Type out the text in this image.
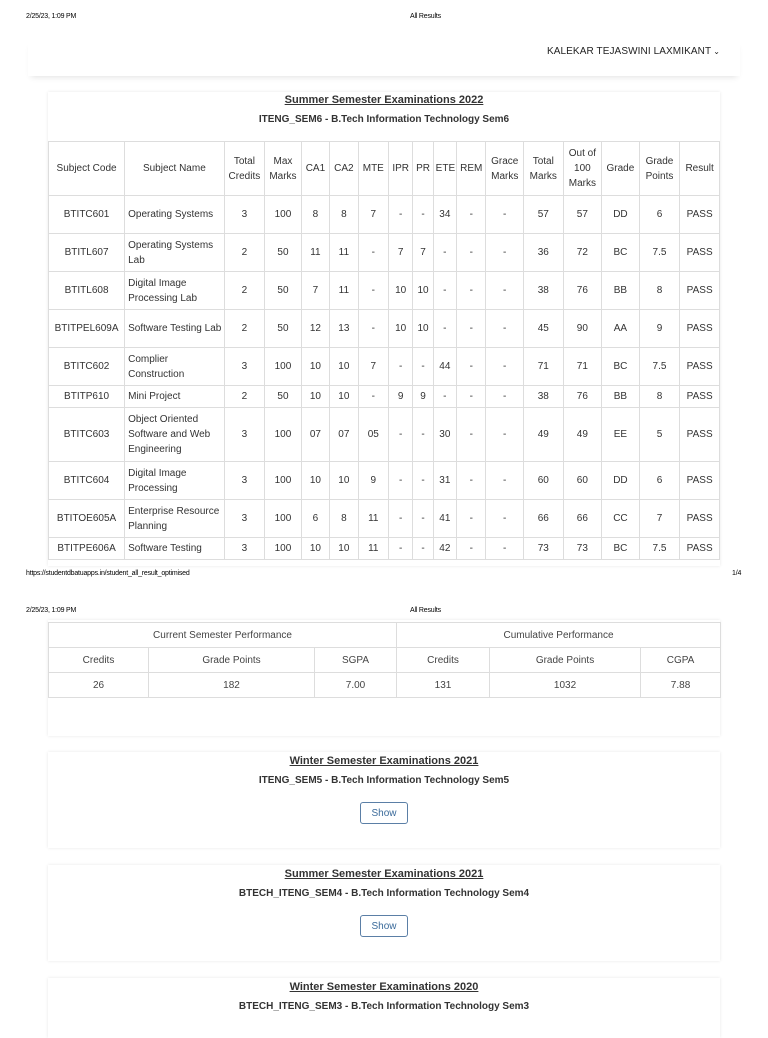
2/25/23, 1:09 PM	All Results
KALEKAR TEJASWINI LAXMIKANT ⌄
Summer Semester Examinations 2022
ITENG_SEM6 - B.Tech Information Technology Sem6
Subject Code	Subject Name	Total Credits	Max Marks	CA1	CA2	MTE	IPR	PR	ETE	REM	Grace Marks	Total Marks	Out of 100 Marks	Grade	Grade Points	Result
BTITC601	Operating Systems	3	100	8	8	7	-	-	34	-	-	57	57	DD	6	PASS
BTITL607	Operating Systems Lab	2	50	11	11	-	7	7	-	-	-	36	72	BC	7.5	PASS
BTITL608	Digital Image Processing Lab	2	50	7	11	-	10	10	-	-	-	38	76	BB	8	PASS
BTITPEL609A	Software Testing Lab	2	50	12	13	-	10	10	-	-	-	45	90	AA	9	PASS
BTITC602	Complier Construction	3	100	10	10	7	-	-	44	-	-	71	71	BC	7.5	PASS
BTITP610	Mini Project	2	50	10	10	-	9	9	-	-	-	38	76	BB	8	PASS
BTITC603	Object Oriented Software and Web Engineering	3	100	07	07	05	-	-	30	-	-	49	49	EE	5	PASS
BTITC604	Digital Image Processing	3	100	10	10	9	-	-	31	-	-	60	60	DD	6	PASS
BTITOE605A	Enterprise Resource Planning	3	100	6	8	11	-	-	41	-	-	66	66	CC	7	PASS
BTITPE606A	Software Testing	3	100	10	10	11	-	-	42	-	-	73	73	BC	7.5	PASS
https://studentdbatuapps.in/student_all_result_optimised	1/4
2/25/23, 1:09 PM	All Results
Current Semester Performance			Cumulative Performance		
Credits	Grade Points	SGPA	Credits	Grade Points	CGPA
26	182	7.00	131	1032	7.88
Winter Semester Examinations 2021
ITENG_SEM5 - B.Tech Information Technology Sem5
Show
Summer Semester Examinations 2021
BTECH_ITENG_SEM4 - B.Tech Information Technology Sem4
Show
Winter Semester Examinations 2020
BTECH_ITENG_SEM3 - B.Tech Information Technology Sem3
